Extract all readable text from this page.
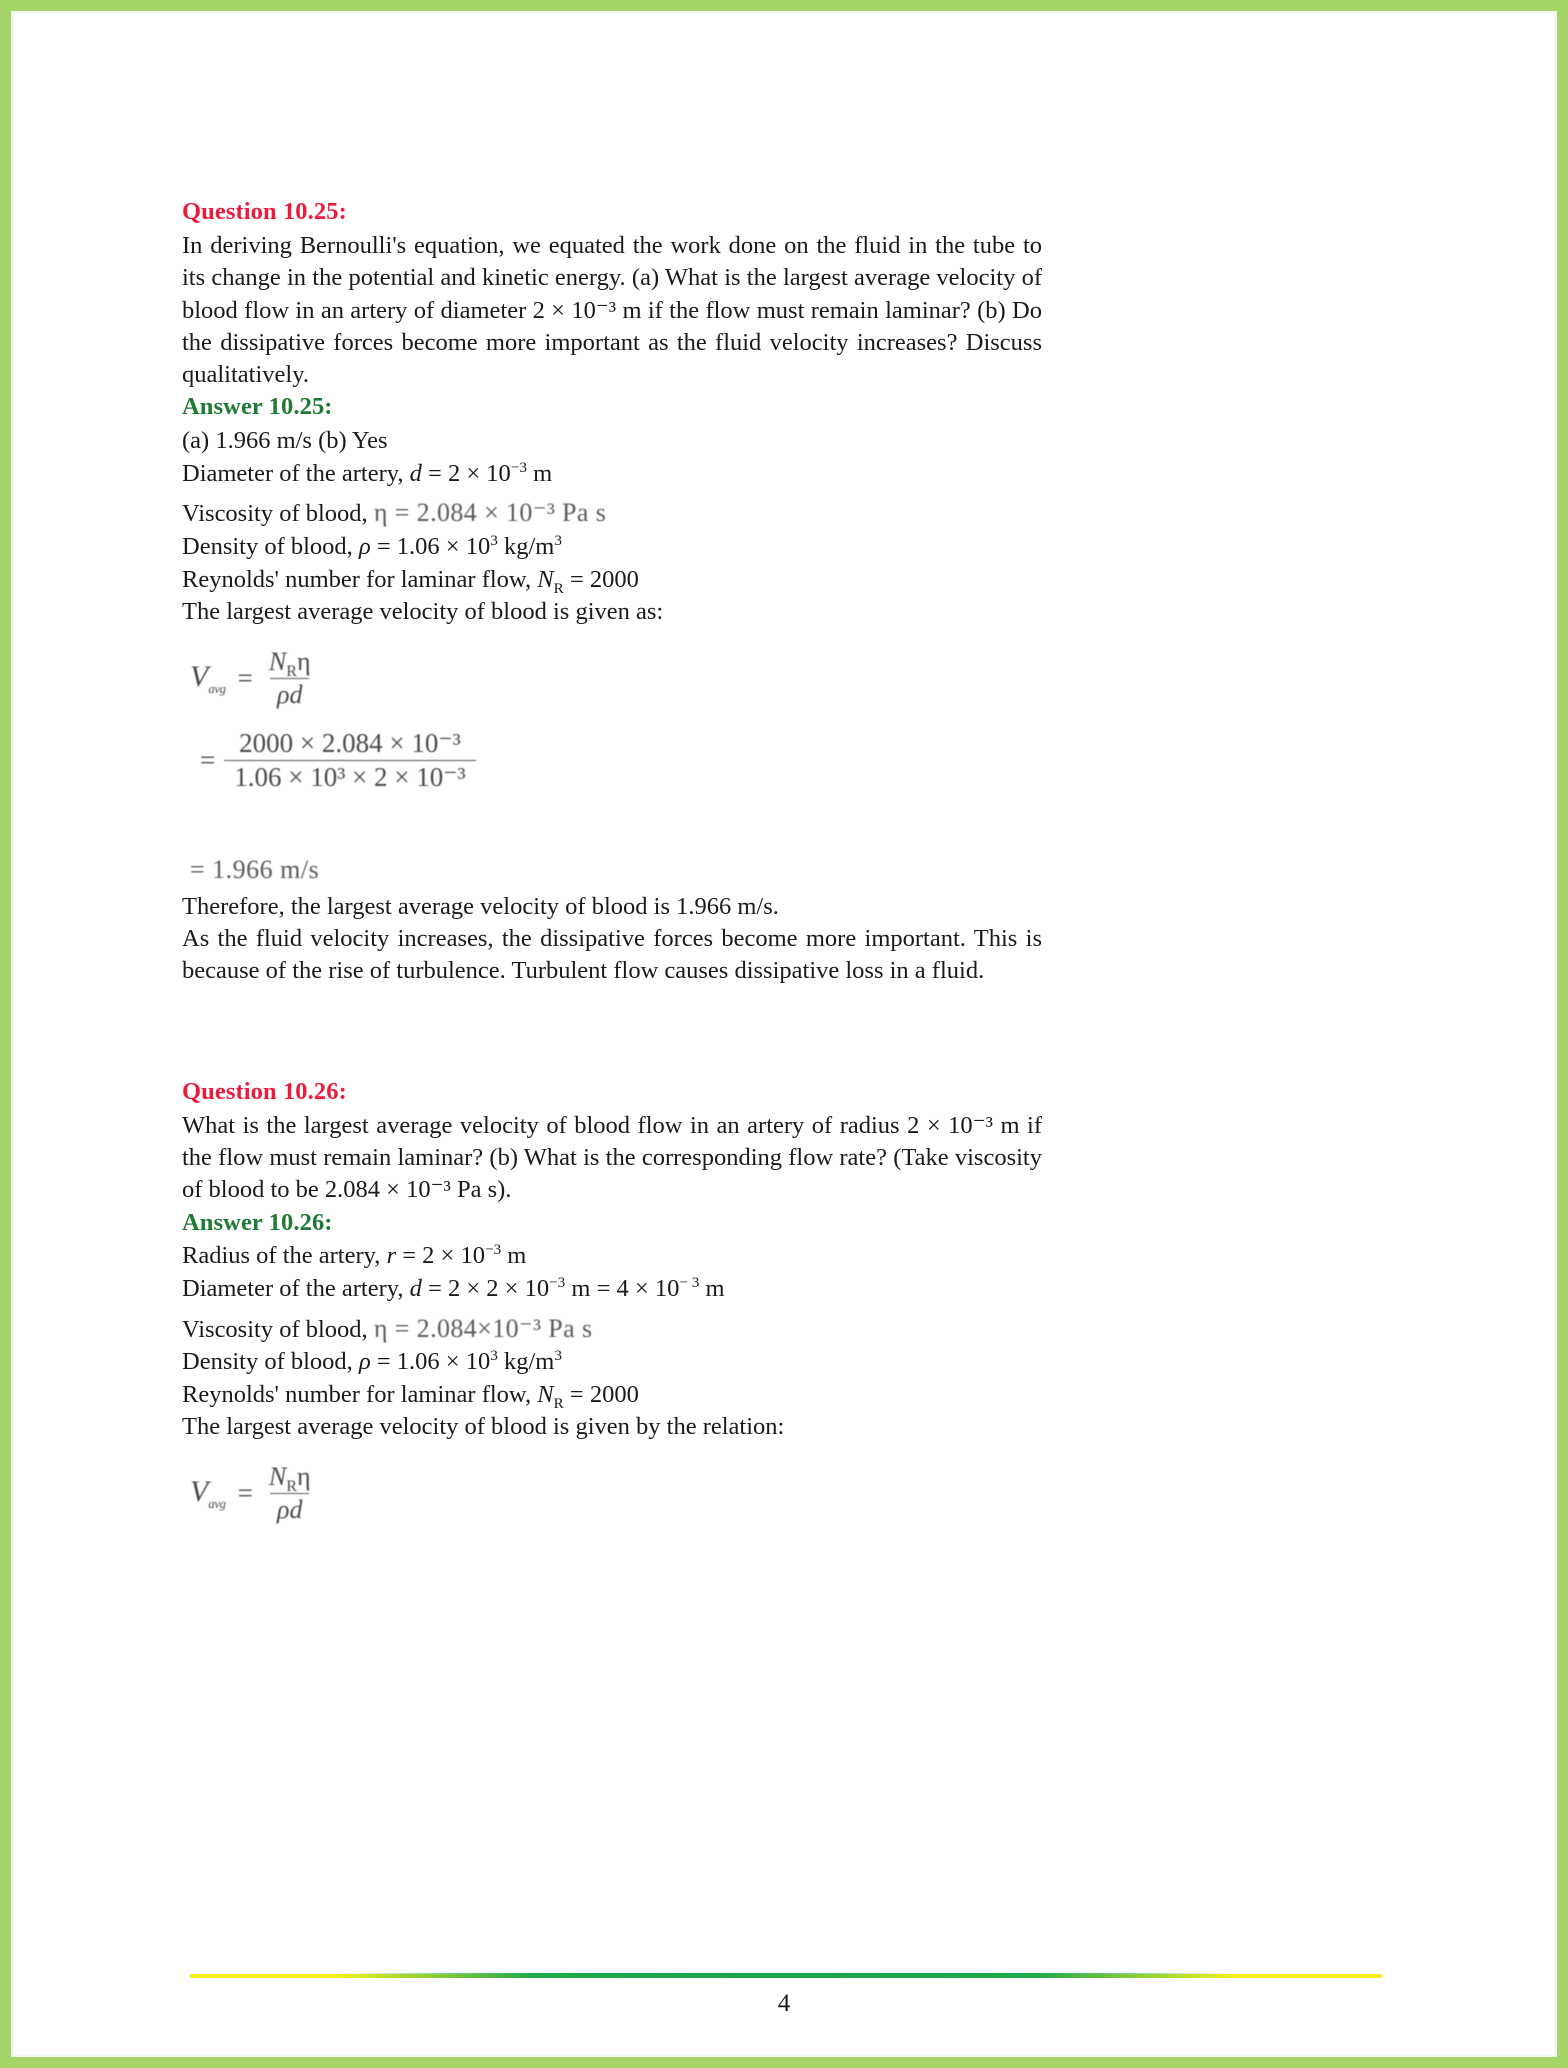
Question 10.25:

In deriving Bernoulli's equation, we equated the work done on the fluid in the tube to its change in the potential and kinetic energy. (a) What is the largest average velocity of blood flow in an artery of diameter 2 × 10⁻³ m if the flow must remain laminar? (b) Do the dissipative forces become more important as the fluid velocity increases? Discuss qualitatively.

Answer 10.25:

(a) 1.966 m/s (b) Yes

Diameter of the artery, $d = 2 \times 10^{-3}$ m

Viscosity of blood, η = 2.084 × 10⁻³ Pa s

Density of blood, $\rho = 1.06 \times 10^3$ $kg/m^3$

Reynolds' number for laminar flow, $N_R = 2000$

The largest average velocity of blood is given as:

$V_{avg} = \frac{N_R\eta}{\rho d}$
= $\frac{\text{2000 × 2.084 × 10⁻³}}{\text{1.06 × 10³ × 2 × 10⁻³}}$

= 1.966 m/s

Therefore, the largest average velocity of blood is 1.966 m/s.

As the fluid velocity increases, the dissipative forces become more important. This is because of the rise of turbulence. Turbulent flow causes dissipative loss in a fluid.

Question 10.26:

What is the largest average velocity of blood flow in an artery of radius 2 × 10⁻³ m if the flow must remain laminar? (b) What is the corresponding flow rate? (Take viscosity of blood to be 2.084 × 10⁻³ Pa s).

Answer 10.26:

Radius of the artery, $r = 2 \times 10^{-3}$ m

Diameter of the artery, $d = 2 \times 2 \times 10^{-3}$ $m = 4 \times 10^{- 3}$ m

Viscosity of blood, η = 2.084×10⁻³ Pa s

Density of blood, $\rho = 1.06 \times 10^3$ $kg/m^3$

Reynolds' number for laminar flow, $N_R = 2000$

The largest average velocity of blood is given by the relation:

$V_{avg} = \frac{N_R\eta}{\rho d}$
4
